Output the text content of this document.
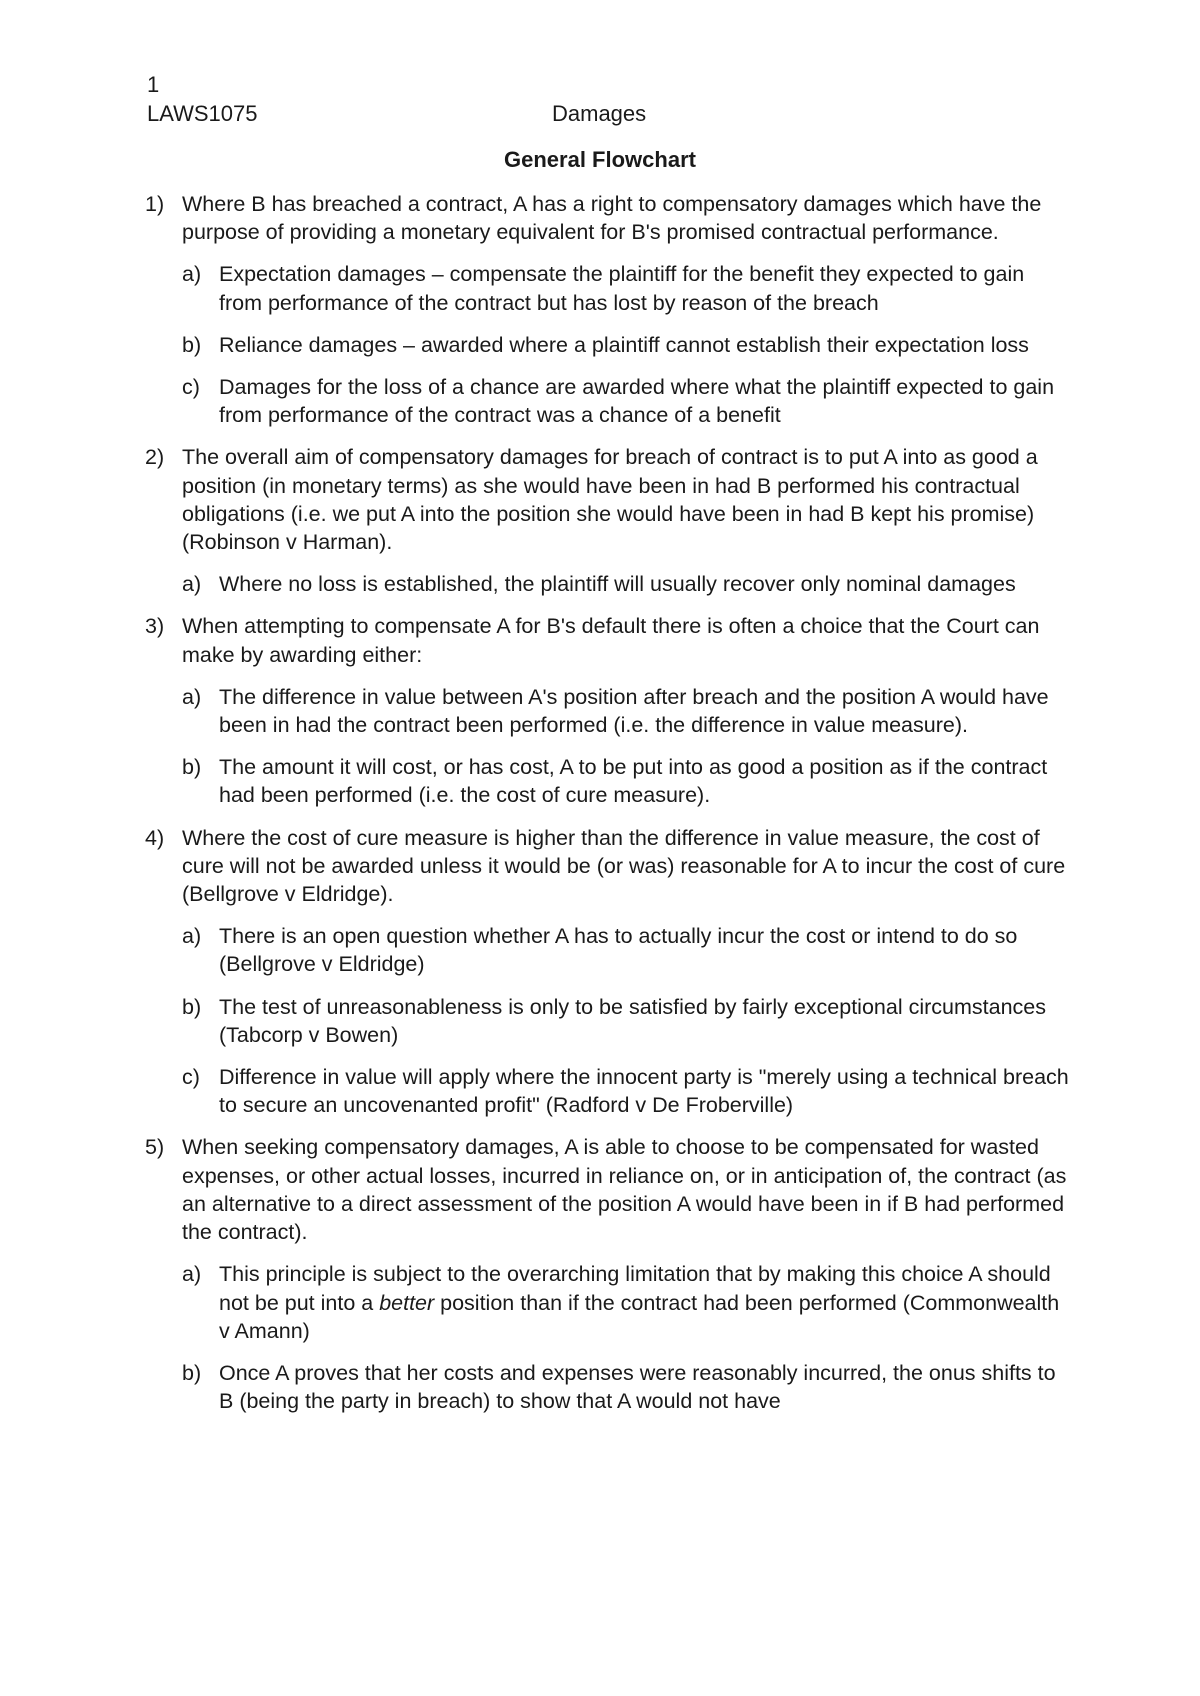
1
LAWS1075	Damages
General Flowchart
1) Where B has breached a contract, A has a right to compensatory damages which have the purpose of providing a monetary equivalent for B's promised contractual performance.
a) Expectation damages – compensate the plaintiff for the benefit they expected to gain from performance of the contract but has lost by reason of the breach
b) Reliance damages – awarded where a plaintiff cannot establish their expectation loss
c) Damages for the loss of a chance are awarded where what the plaintiff expected to gain from performance of the contract was a chance of a benefit
2) The overall aim of compensatory damages for breach of contract is to put A into as good a position (in monetary terms) as she would have been in had B performed his contractual obligations (i.e. we put A into the position she would have been in had B kept his promise) (Robinson v Harman).
a) Where no loss is established, the plaintiff will usually recover only nominal damages
3) When attempting to compensate A for B's default there is often a choice that the Court can make by awarding either:
a) The difference in value between A's position after breach and the position A would have been in had the contract been performed (i.e. the difference in value measure).
b) The amount it will cost, or has cost, A to be put into as good a position as if the contract had been performed (i.e. the cost of cure measure).
4) Where the cost of cure measure is higher than the difference in value measure, the cost of cure will not be awarded unless it would be (or was) reasonable for A to incur the cost of cure (Bellgrove v Eldridge).
a) There is an open question whether A has to actually incur the cost or intend to do so (Bellgrove v Eldridge)
b) The test of unreasonableness is only to be satisfied by fairly exceptional circumstances (Tabcorp v Bowen)
c) Difference in value will apply where the innocent party is "merely using a technical breach to secure an uncovenanted profit" (Radford v De Froberville)
5) When seeking compensatory damages, A is able to choose to be compensated for wasted expenses, or other actual losses, incurred in reliance on, or in anticipation of, the contract (as an alternative to a direct assessment of the position A would have been in if B had performed the contract).
a) This principle is subject to the overarching limitation that by making this choice A should not be put into a better position than if the contract had been performed (Commonwealth v Amann)
b) Once A proves that her costs and expenses were reasonably incurred, the onus shifts to B (being the party in breach) to show that A would not have
